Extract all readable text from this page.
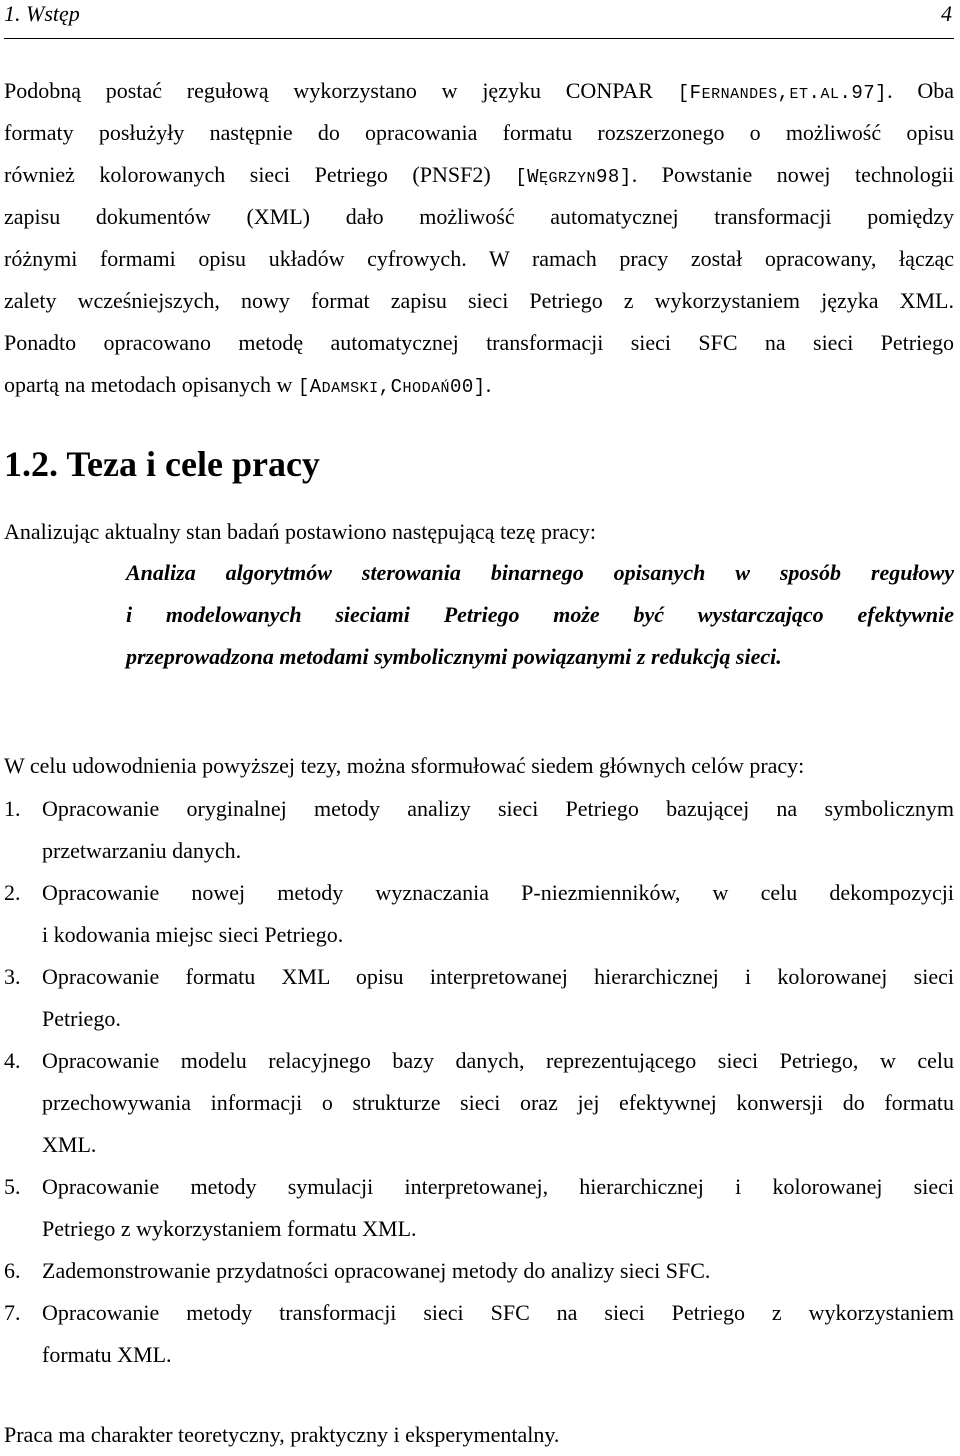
1. Wstęp	4
Podobną postać regułową wykorzystano w języku CONPAR [FERNANDES,ET.AL.97]. Oba
formaty posłużyły następnie do opracowania formatu rozszerzonego o możliwość opisu
również kolorowanych sieci Petriego (PNSF2) [WĘGRZYN98]. Powstanie nowej technologii
zapisu dokumentów (XML) dało możliwość automatycznej transformacji pomiędzy
różnymi formami opisu układów cyfrowych. W ramach pracy został opracowany, łącząc
zalety wcześniejszych, nowy format zapisu sieci Petriego z wykorzystaniem języka XML.
Ponadto opracowano metodę automatycznej transformacji sieci SFC na sieci Petriego
opartą na metodach opisanych w [ADAMSKI,CHODAŃ00].
1.2. Teza i cele pracy

Analizując aktualny stan badań postawiono następującą tezę pracy:

Analiza algorytmów sterowania binarnego opisanych w sposób regułowy
i modelowanych sieciami Petriego może być wystarczająco efektywnie
przeprowadzona metodami symbolicznymi powiązanymi z redukcją sieci.

W celu udowodnienia powyższej tezy, można sformułować siedem głównych celów pracy:

1. Opracowanie oryginalnej metody analizy sieci Petriego bazującej na symbolicznym
przetwarzaniu danych.
2. Opracowanie nowej metody wyznaczania P-niezmienników, w celu dekompozycji
i kodowania miejsc sieci Petriego.
3. Opracowanie formatu XML opisu interpretowanej hierarchicznej i kolorowanej sieci
Petriego.
4. Opracowanie modelu relacyjnego bazy danych, reprezentującego sieci Petriego, w celu
przechowywania informacji o strukturze sieci oraz jej efektywnej konwersji do formatu
XML.
5. Opracowanie metody symulacji interpretowanej, hierarchicznej i kolorowanej sieci
Petriego z wykorzystaniem formatu XML.
6. Zademonstrowanie przydatności opracowanej metody do analizy sieci SFC.
7. Opracowanie metody transformacji sieci SFC na sieci Petriego z wykorzystaniem
formatu XML.

Praca ma charakter teoretyczny, praktyczny i eksperymentalny.
